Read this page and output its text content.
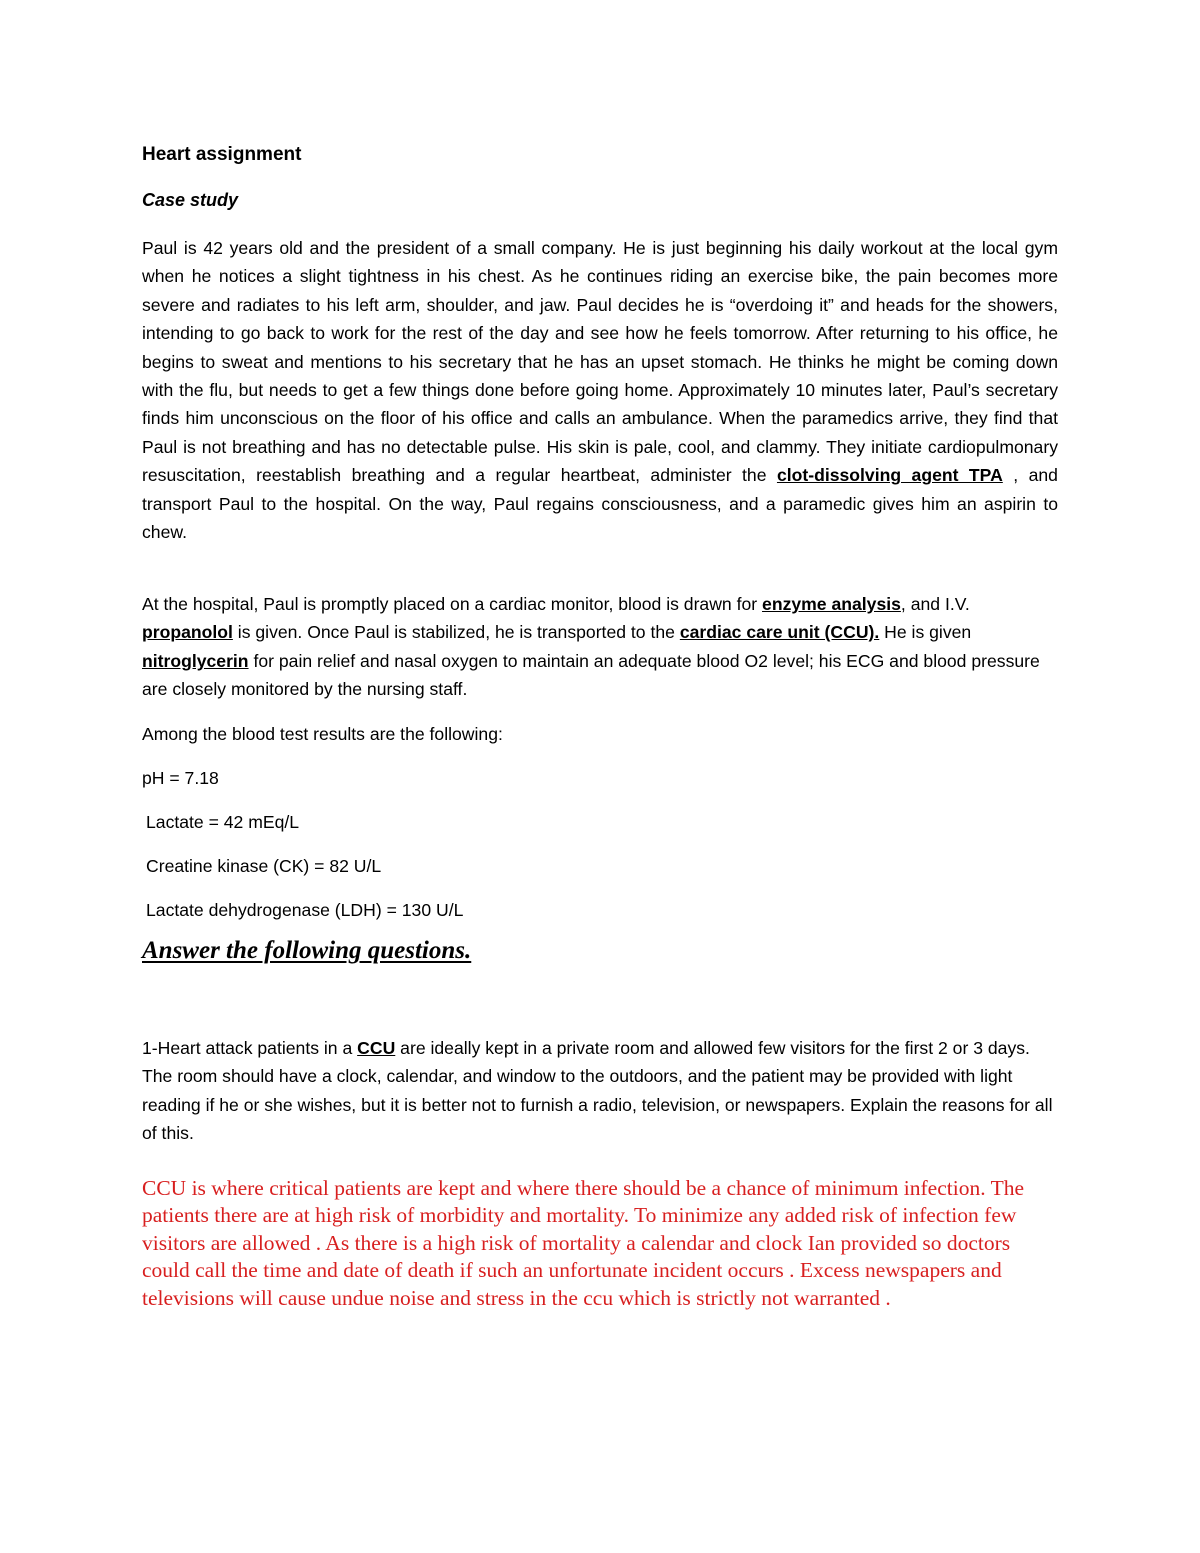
Heart assignment
Case study

Paul is 42 years old and the president of a small company. He is just beginning his daily workout at the local gym when he notices a slight tightness in his chest. As he continues riding an exercise bike, the pain becomes more severe and radiates to his left arm, shoulder, and jaw. Paul decides he is “overdoing it” and heads for the showers, intending to go back to work for the rest of the day and see how he feels tomorrow. After returning to his office, he begins to sweat and mentions to his secretary that he has an upset stomach. He thinks he might be coming down with the flu, but needs to get a few things done before going home. Approximately 10 minutes later, Paul’s secretary finds him unconscious on the floor of his office and calls an ambulance. When the paramedics arrive, they find that Paul is not breathing and has no detectable pulse. His skin is pale, cool, and clammy. They initiate cardiopulmonary resuscitation, reestablish breathing and a regular heartbeat, administer the clot-dissolving agent TPA , and transport Paul to the hospital. On the way, Paul regains consciousness, and a paramedic gives him an aspirin to chew.

At the hospital, Paul is promptly placed on a cardiac monitor, blood is drawn for enzyme analysis, and I.V. propanolol is given. Once Paul is stabilized, he is transported to the cardiac care unit (CCU). He is given nitroglycerin for pain relief and nasal oxygen to maintain an adequate blood O2 level; his ECG and blood pressure are closely monitored by the nursing staff.

Among the blood test results are the following:

pH = 7.18

Lactate = 42 mEq/L

Creatine kinase (CK) = 82 U/L

Lactate dehydrogenase (LDH) = 130 U/L

Answer the following questions.

1-Heart attack patients in a CCU are ideally kept in a private room and allowed few visitors for the first 2 or 3 days. The room should have a clock, calendar, and window to the outdoors, and the patient may be provided with light reading if he or she wishes, but it is better not to furnish a radio, television, or newspapers. Explain the reasons for all of this.

CCU is where critical patients are kept and where there should be a chance of minimum infection. The patients there are at high risk of morbidity and mortality. To minimize any added risk of infection few visitors are allowed . As there is a high risk of mortality a calendar and clock Ian provided so doctors could call the time and date of death if such an unfortunate incident occurs . Excess newspapers and televisions will cause undue noise and stress in the ccu which is strictly not warranted .
